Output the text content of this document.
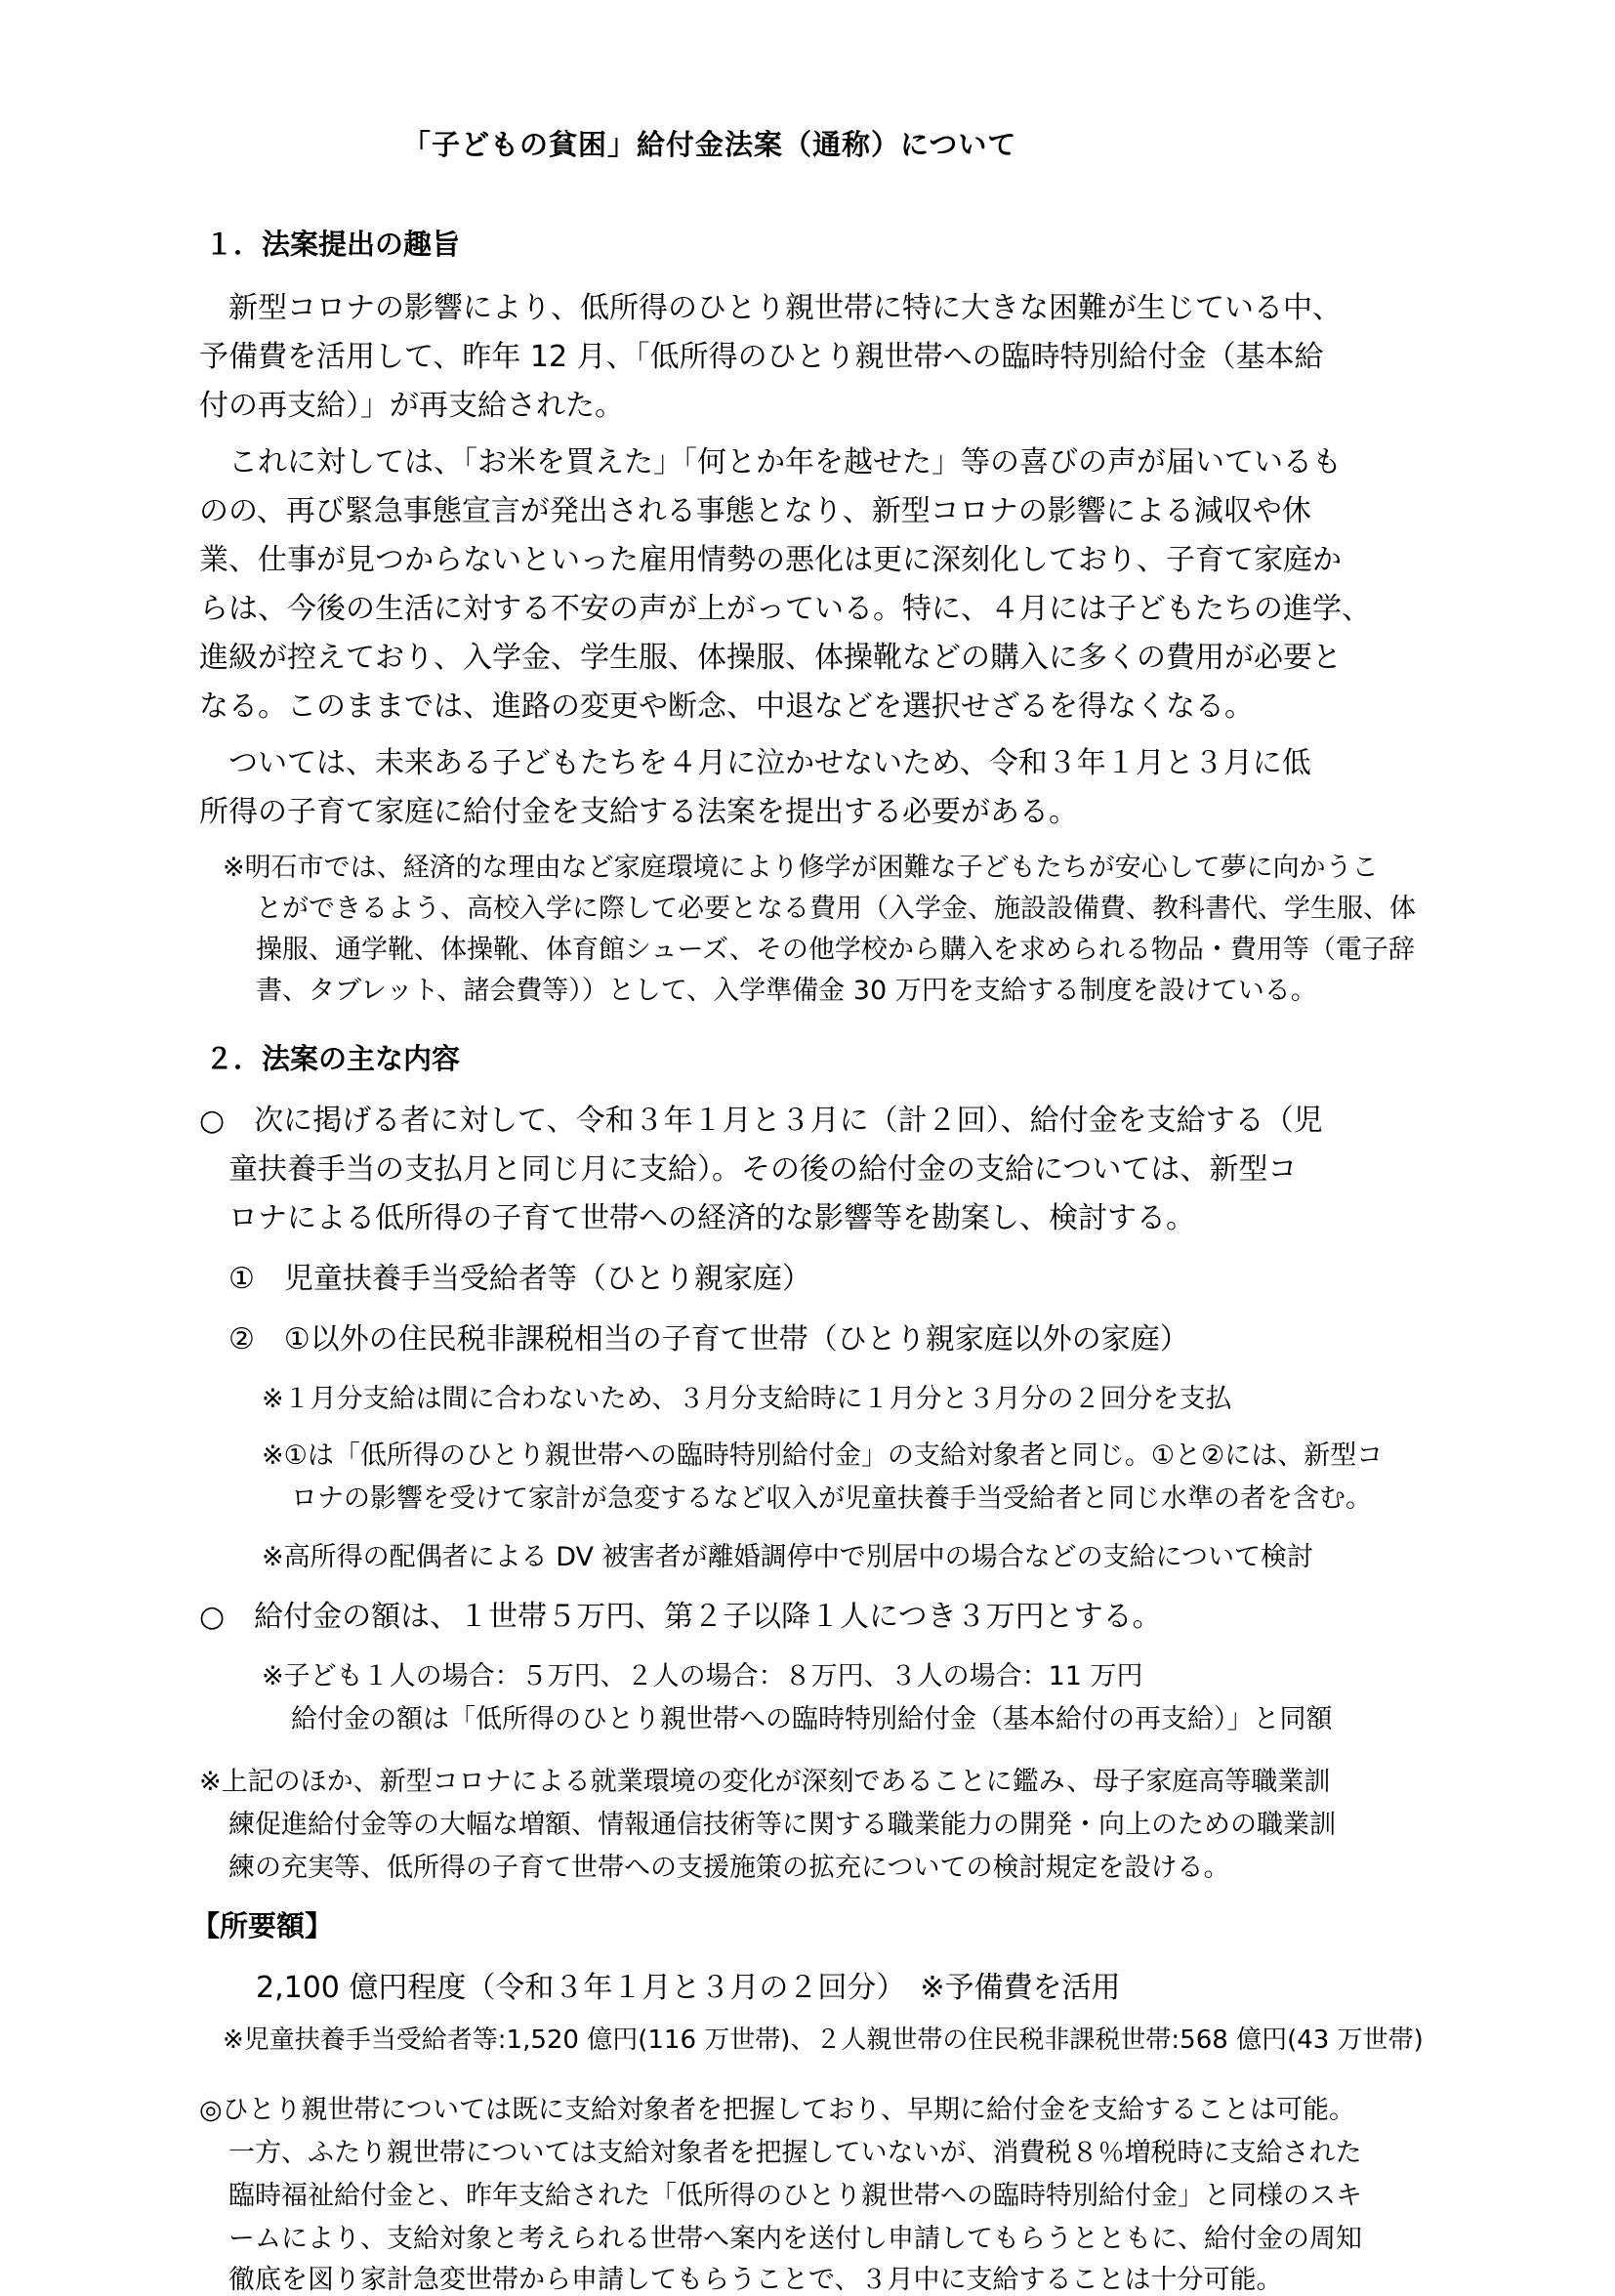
「子どもの貧困」給付金法案（通称）について

１．法案提出の趣旨

新型コロナの影響により、低所得のひとり親世帯に特に大きな困難が生じている中、

予備費を活用して、昨年 12 月、「低所得のひとり親世帯への臨時特別給付金（基本給

付の再支給）」が再支給された。

これに対しては、「お米を買えた」「何とか年を越せた」等の喜びの声が届いているも

のの、再び緊急事態宣言が発出される事態となり、新型コロナの影響による減収や休

業、仕事が見つからないといった雇用情勢の悪化は更に深刻化しており、子育て家庭か

らは、今後の生活に対する不安の声が上がっている。特に、４月には子どもたちの進学、

進級が控えており、入学金、学生服、体操服、体操靴などの購入に多くの費用が必要と

なる。このままでは、進路の変更や断念、中退などを選択せざるを得なくなる。

ついては、未来ある子どもたちを４月に泣かせないため、令和３年１月と３月に低

所得の子育て家庭に給付金を支給する法案を提出する必要がある。

※明石市では、経済的な理由など家庭環境により修学が困難な子どもたちが安心して夢に向かうこ

とができるよう、高校入学に際して必要となる費用（入学金、施設設備費、教科書代、学生服、体

操服、通学靴、体操靴、体育館シューズ、その他学校から購入を求められる物品・費用等（電子辞

書、タブレット、諸会費等））として、入学準備金 30 万円を支給する制度を設けている。

２．法案の主な内容

○　次に掲げる者に対して、令和３年１月と３月に（計２回）、給付金を支給する（児

童扶養手当の支払月と同じ月に支給）。その後の給付金の支給については、新型コ

ロナによる低所得の子育て世帯への経済的な影響等を勘案し、検討する。

①　児童扶養手当受給者等（ひとり親家庭）

②　①以外の住民税非課税相当の子育て世帯（ひとり親家庭以外の家庭）

※１月分支給は間に合わないため、３月分支給時に１月分と３月分の２回分を支払

※①は「低所得のひとり親世帯への臨時特別給付金」の支給対象者と同じ。①と②には、新型コ

ロナの影響を受けて家計が急変するなど収入が児童扶養手当受給者と同じ水準の者を含む。

※高所得の配偶者による DV 被害者が離婚調停中で別居中の場合などの支給について検討

○　給付金の額は、１世帯５万円、第２子以降１人につき３万円とする。

※子ども１人の場合：５万円、２人の場合：８万円、３人の場合：11 万円

給付金の額は「低所得のひとり親世帯への臨時特別給付金（基本給付の再支給）」と同額

※上記のほか、新型コロナによる就業環境の変化が深刻であることに鑑み、母子家庭高等職業訓

練促進給付金等の大幅な増額、情報通信技術等に関する職業能力の開発・向上のための職業訓

練の充実等、低所得の子育て世帯への支援施策の拡充についての検討規定を設ける。

【所要額】

2,100 億円程度（令和３年１月と３月の２回分）　※予備費を活用

※児童扶養手当受給者等:1,520 億円(116 万世帯)、２人親世帯の住民税非課税世帯:568 億円(43 万世帯)

◎ひとり親世帯については既に支給対象者を把握しており、早期に給付金を支給することは可能。

一方、ふたり親世帯については支給対象者を把握していないが、消費税８％増税時に支給された

臨時福祉給付金と、昨年支給された「低所得のひとり親世帯への臨時特別給付金」と同様のスキ

ームにより、支給対象と考えられる世帯へ案内を送付し申請してもらうとともに、給付金の周知

徹底を図り家計急変世帯から申請してもらうことで、３月中に支給することは十分可能。
